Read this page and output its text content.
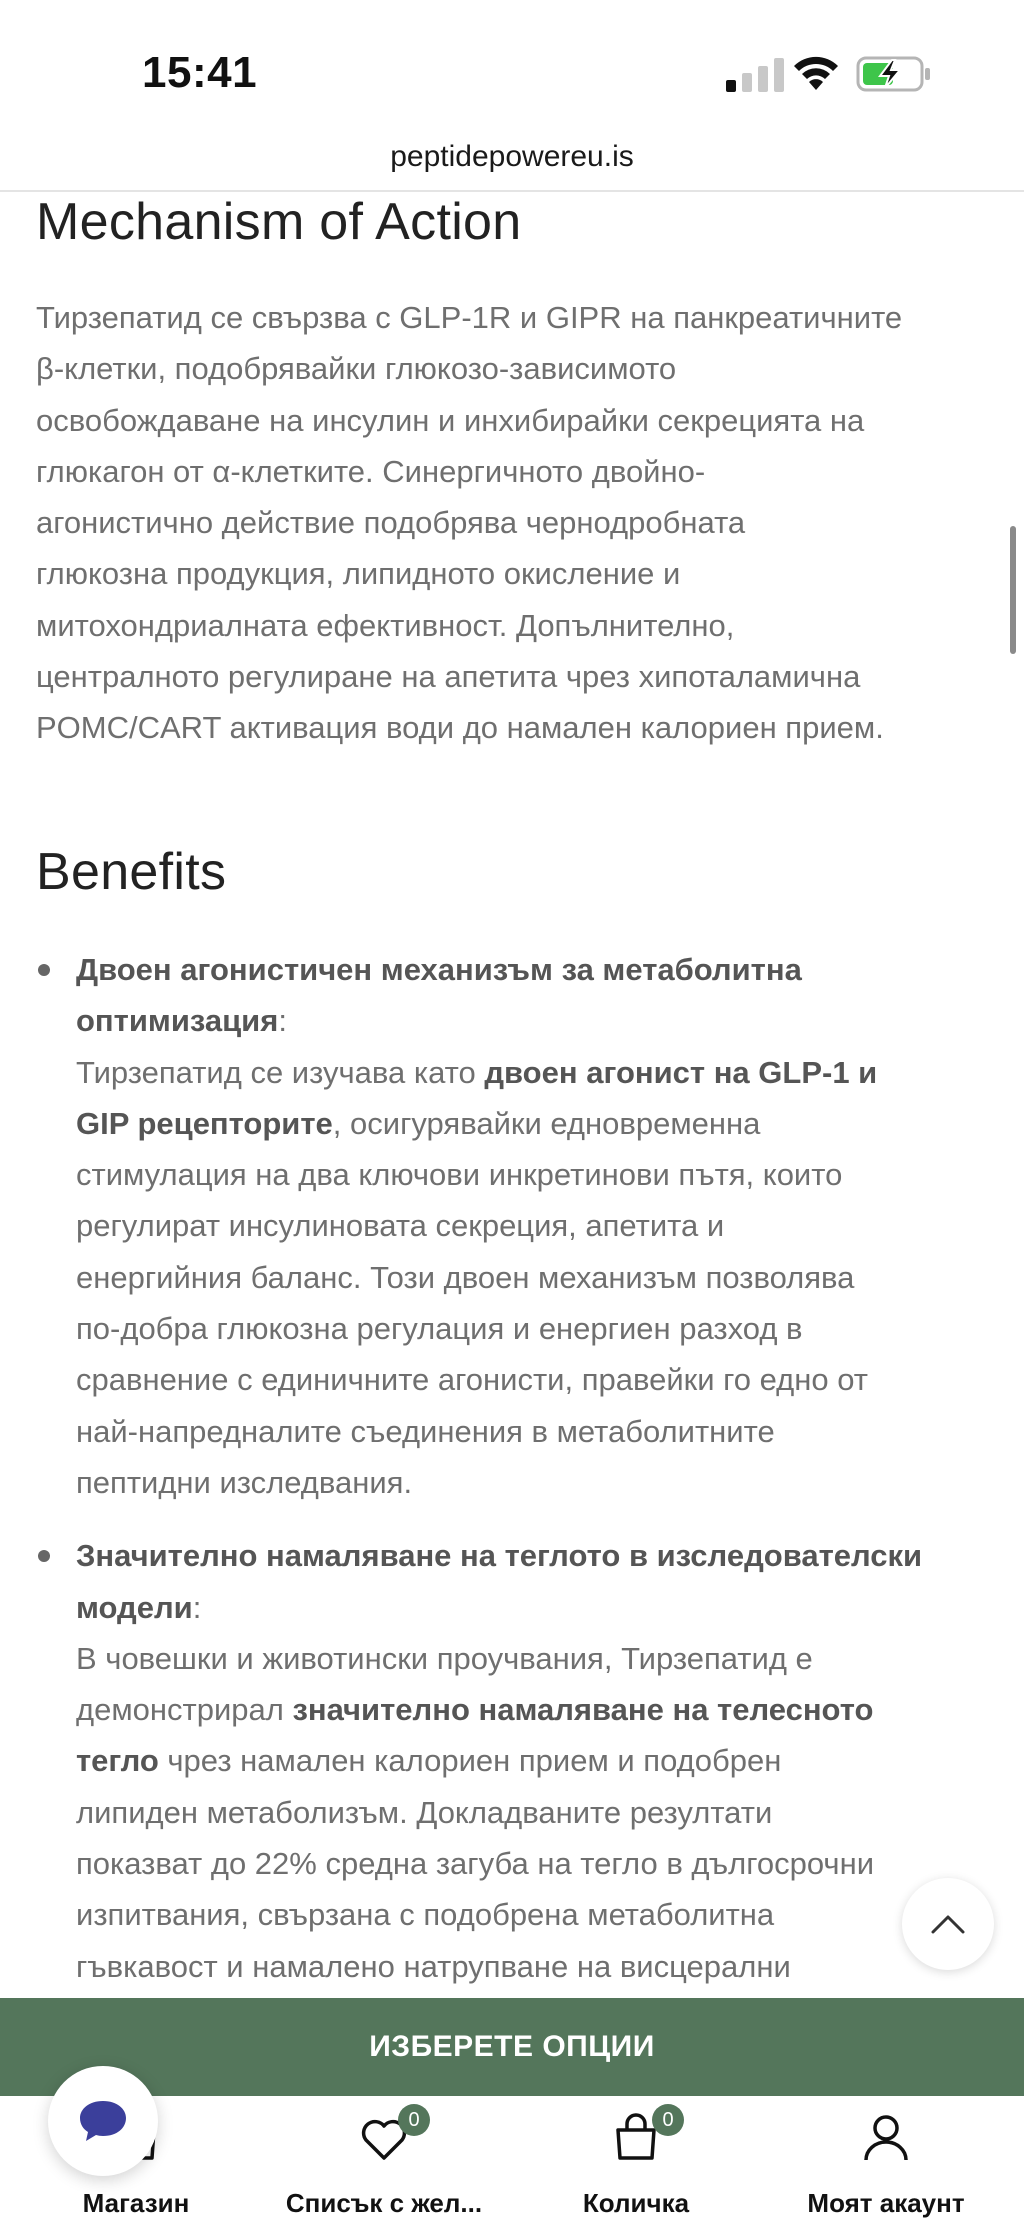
15:41
peptidepowereu.is
Mechanism of Action
Тирзепатид се свързва с GLP-1R и GIPR на панкреатичните
β-клетки, подобрявайки глюкозо-зависимото
освобождаване на инсулин и инхибирайки секрецията на
глюкагон от α-клетките. Синергичното двойно-
агонистично действие подобрява чернодробната
глюкозна продукция, липидното окисление и
митохондриалната ефективност. Допълнително,
централното регулиране на апетита чрез хипоталамична
POMC/CART активация води до намален калориен прием.
Benefits
Двоен агонистичен механизъм за метаболитна
оптимизация:
Тирзепатид се изучава като двоен агонист на GLP-1 и
GIP рецепторите, осигурявайки едновременна
стимулация на два ключови инкретинови пътя, които
регулират инсулиновата секреция, апетита и
енергийния баланс. Този двоен механизъм позволява
по-добра глюкозна регулация и енергиен разход в
сравнение с единичните агонисти, правейки го едно от
най-напредналите съединения в метаболитните
пептидни изследвания.
Значително намаляване на теглото в изследователски
модели:
В човешки и животински проучвания, Тирзепатид е
демонстрирал значително намаляване на телесното
тегло чрез намален калориен прием и подобрен
липиден метаболизъм. Докладваните резултати
показват до 22% средна загуба на тегло в дългосрочни
изпитвания, свързана с подобрена метаболитна
гъвкавост и намалено натрупване на висцерални
ИЗБЕРЕТЕ ОПЦИИ
Магазин
0
Списък с жел...
0
Количка	Моят акаунт
